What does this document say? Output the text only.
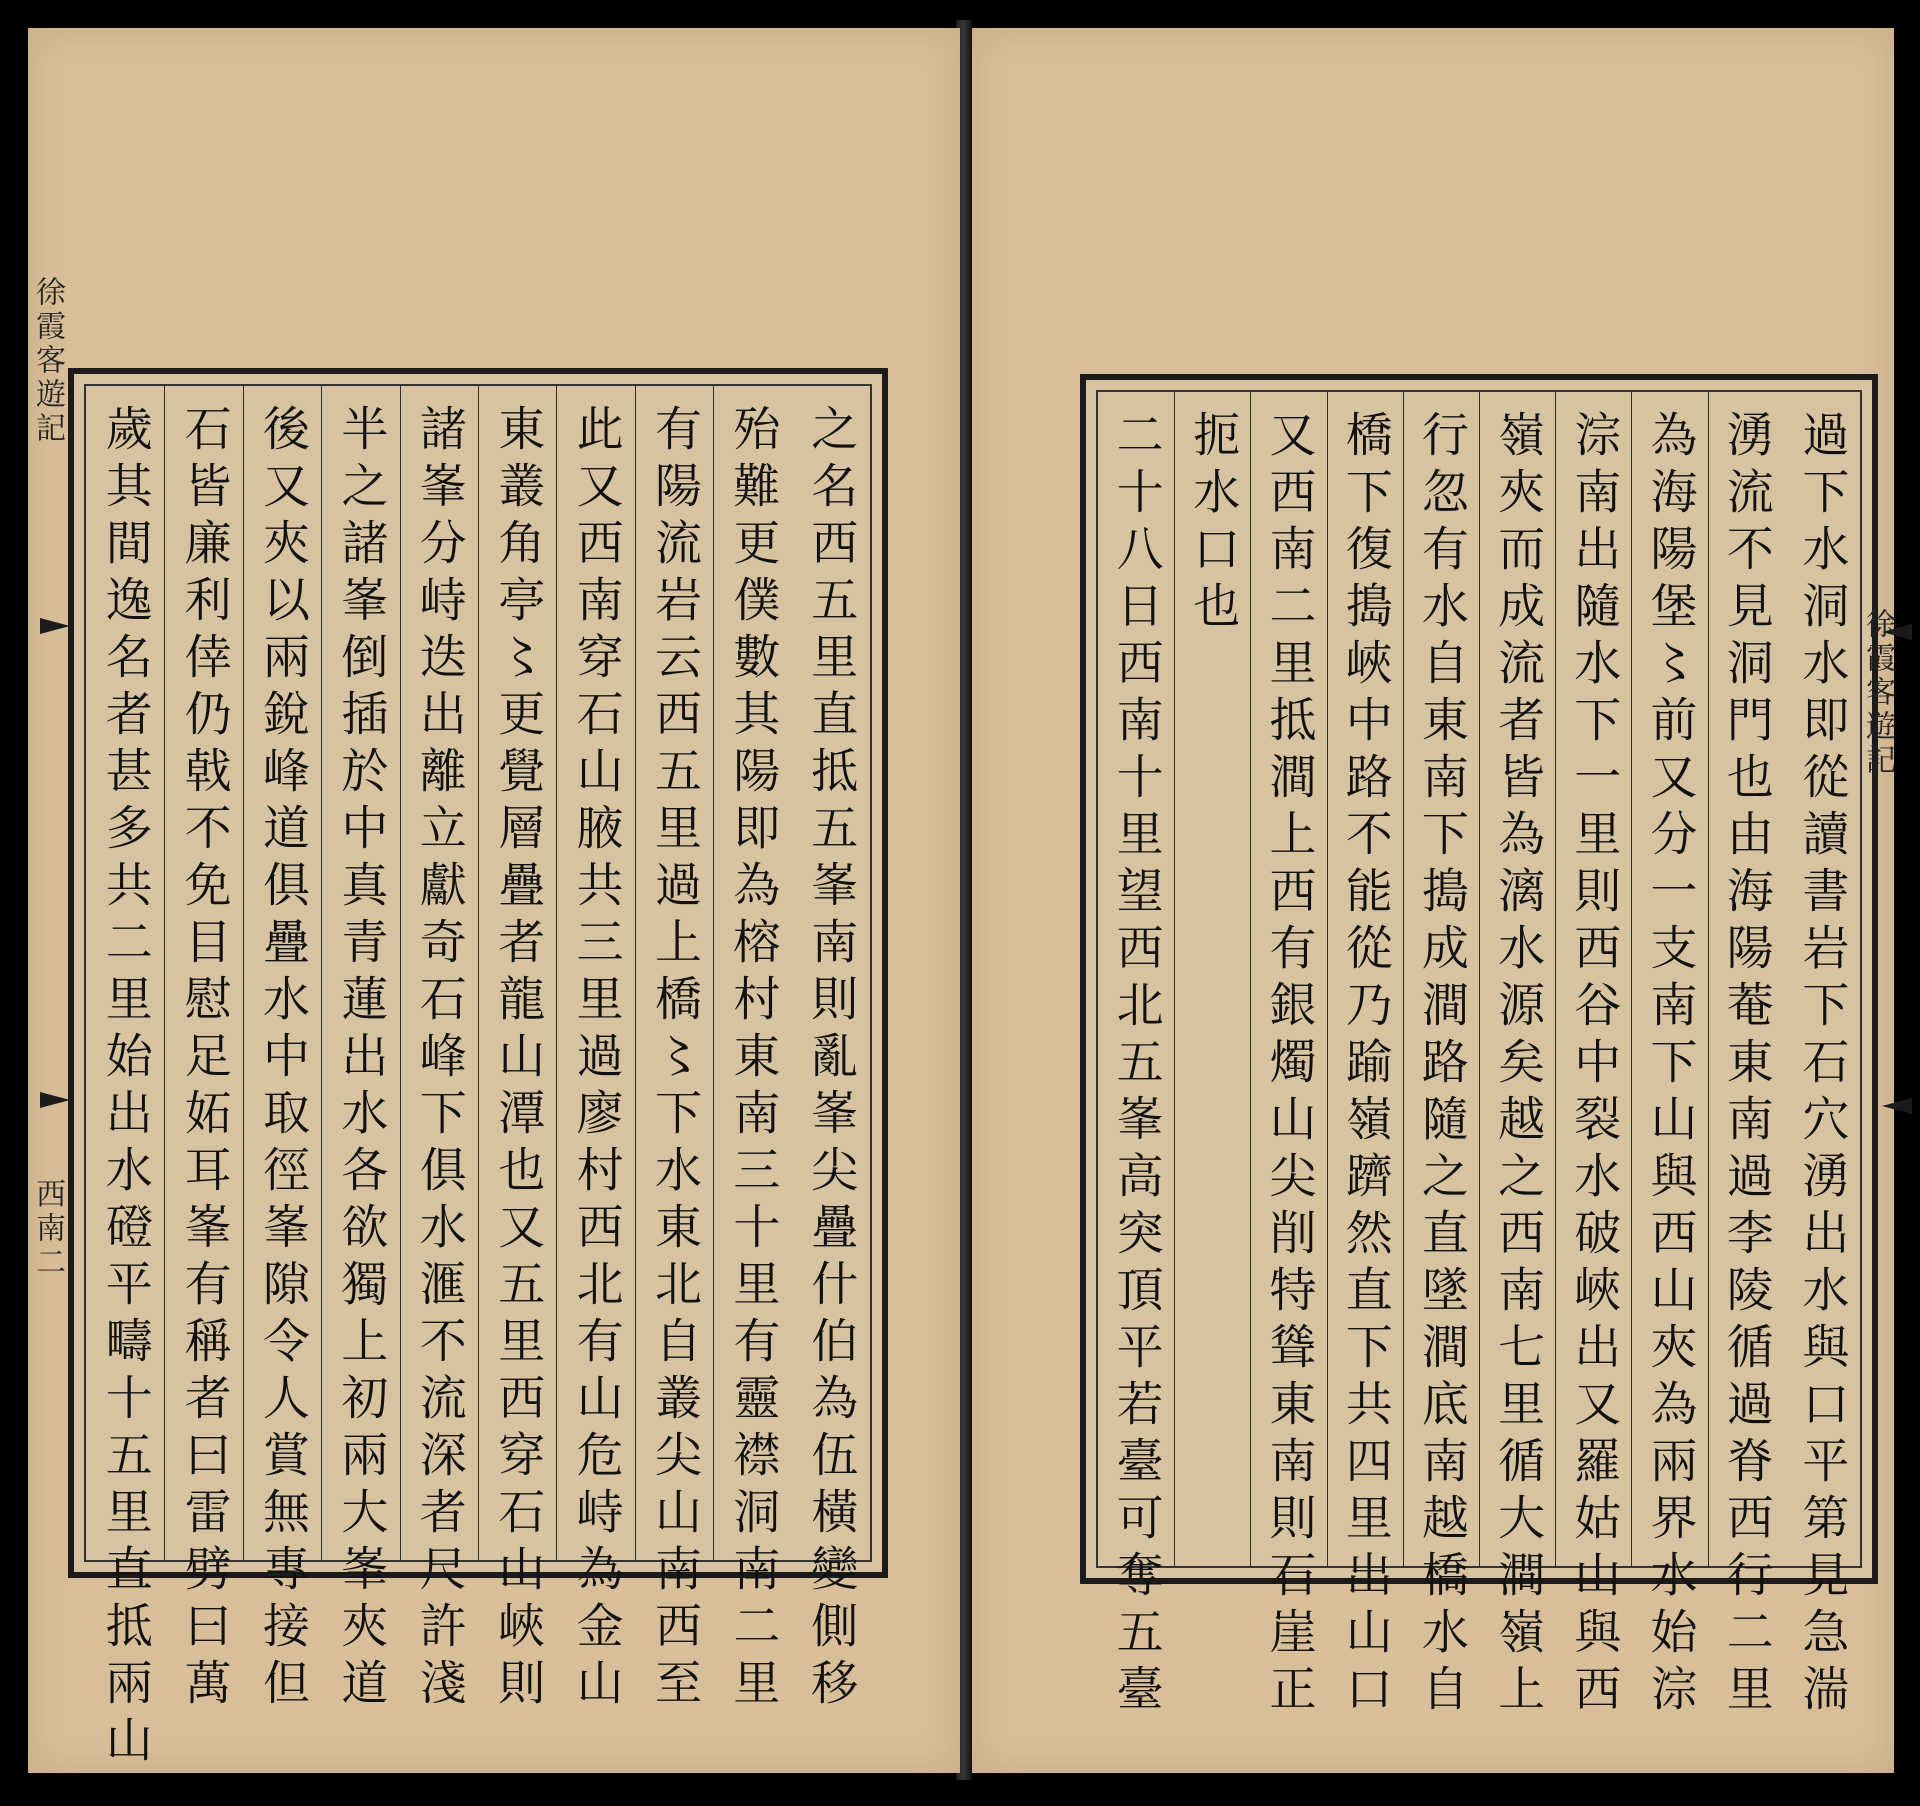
之名西五里直抵五峯南則亂峯尖疊什伯為伍橫變側移
殆難更僕數其陽即為榕村東南三十里有靈襟洞南二里
有陽流岩云西五里過上橋〻下水東北自叢尖山南西至
此又西南穿石山腋共三里過廖村西北有山危峙為金山
東叢角亭〻更覺層疊者龍山潭也又五里西穿石山峽則
諸峯分峙迭出離立獻奇石峰下俱水滙不流深者尺許淺
半之諸峯倒插於中真青蓮出水各欲獨上初兩大峯夾道
後又夾以兩銳峰道俱疊水中取徑峯隙令人賞無專接但
石皆廉利倖仍戟不免目慰足妬耳峯有稱者曰雷劈曰萬
歲其間逸名者甚多共二里始出水磴平疇十五里直抵兩山
徐霞客遊記
西南二	過下水洞水即從讀書岩下石穴湧出水與口平第見急湍
湧流不見洞門也由海陽菴東南過李陵循過脊西行二里
為海陽堡〻前又分一支南下山與西山夾為兩界水始淙
淙南出隨水下一里則西谷中裂水破峽出又羅姑山與西
嶺夾而成流者皆為漓水源矣越之西南七里循大澗嶺上
行忽有水自東南下搗成澗路隨之直墜澗底南越橋水自
橋下復搗峽中路不能從乃踰嶺躋然直下共四里出山口
又西南二里抵澗上西有銀燭山尖削特聳東南則石崖正
扼水口也
二十八日西南十里望西北五峯高突頂平若臺可奪五臺	徐霞客遊記
